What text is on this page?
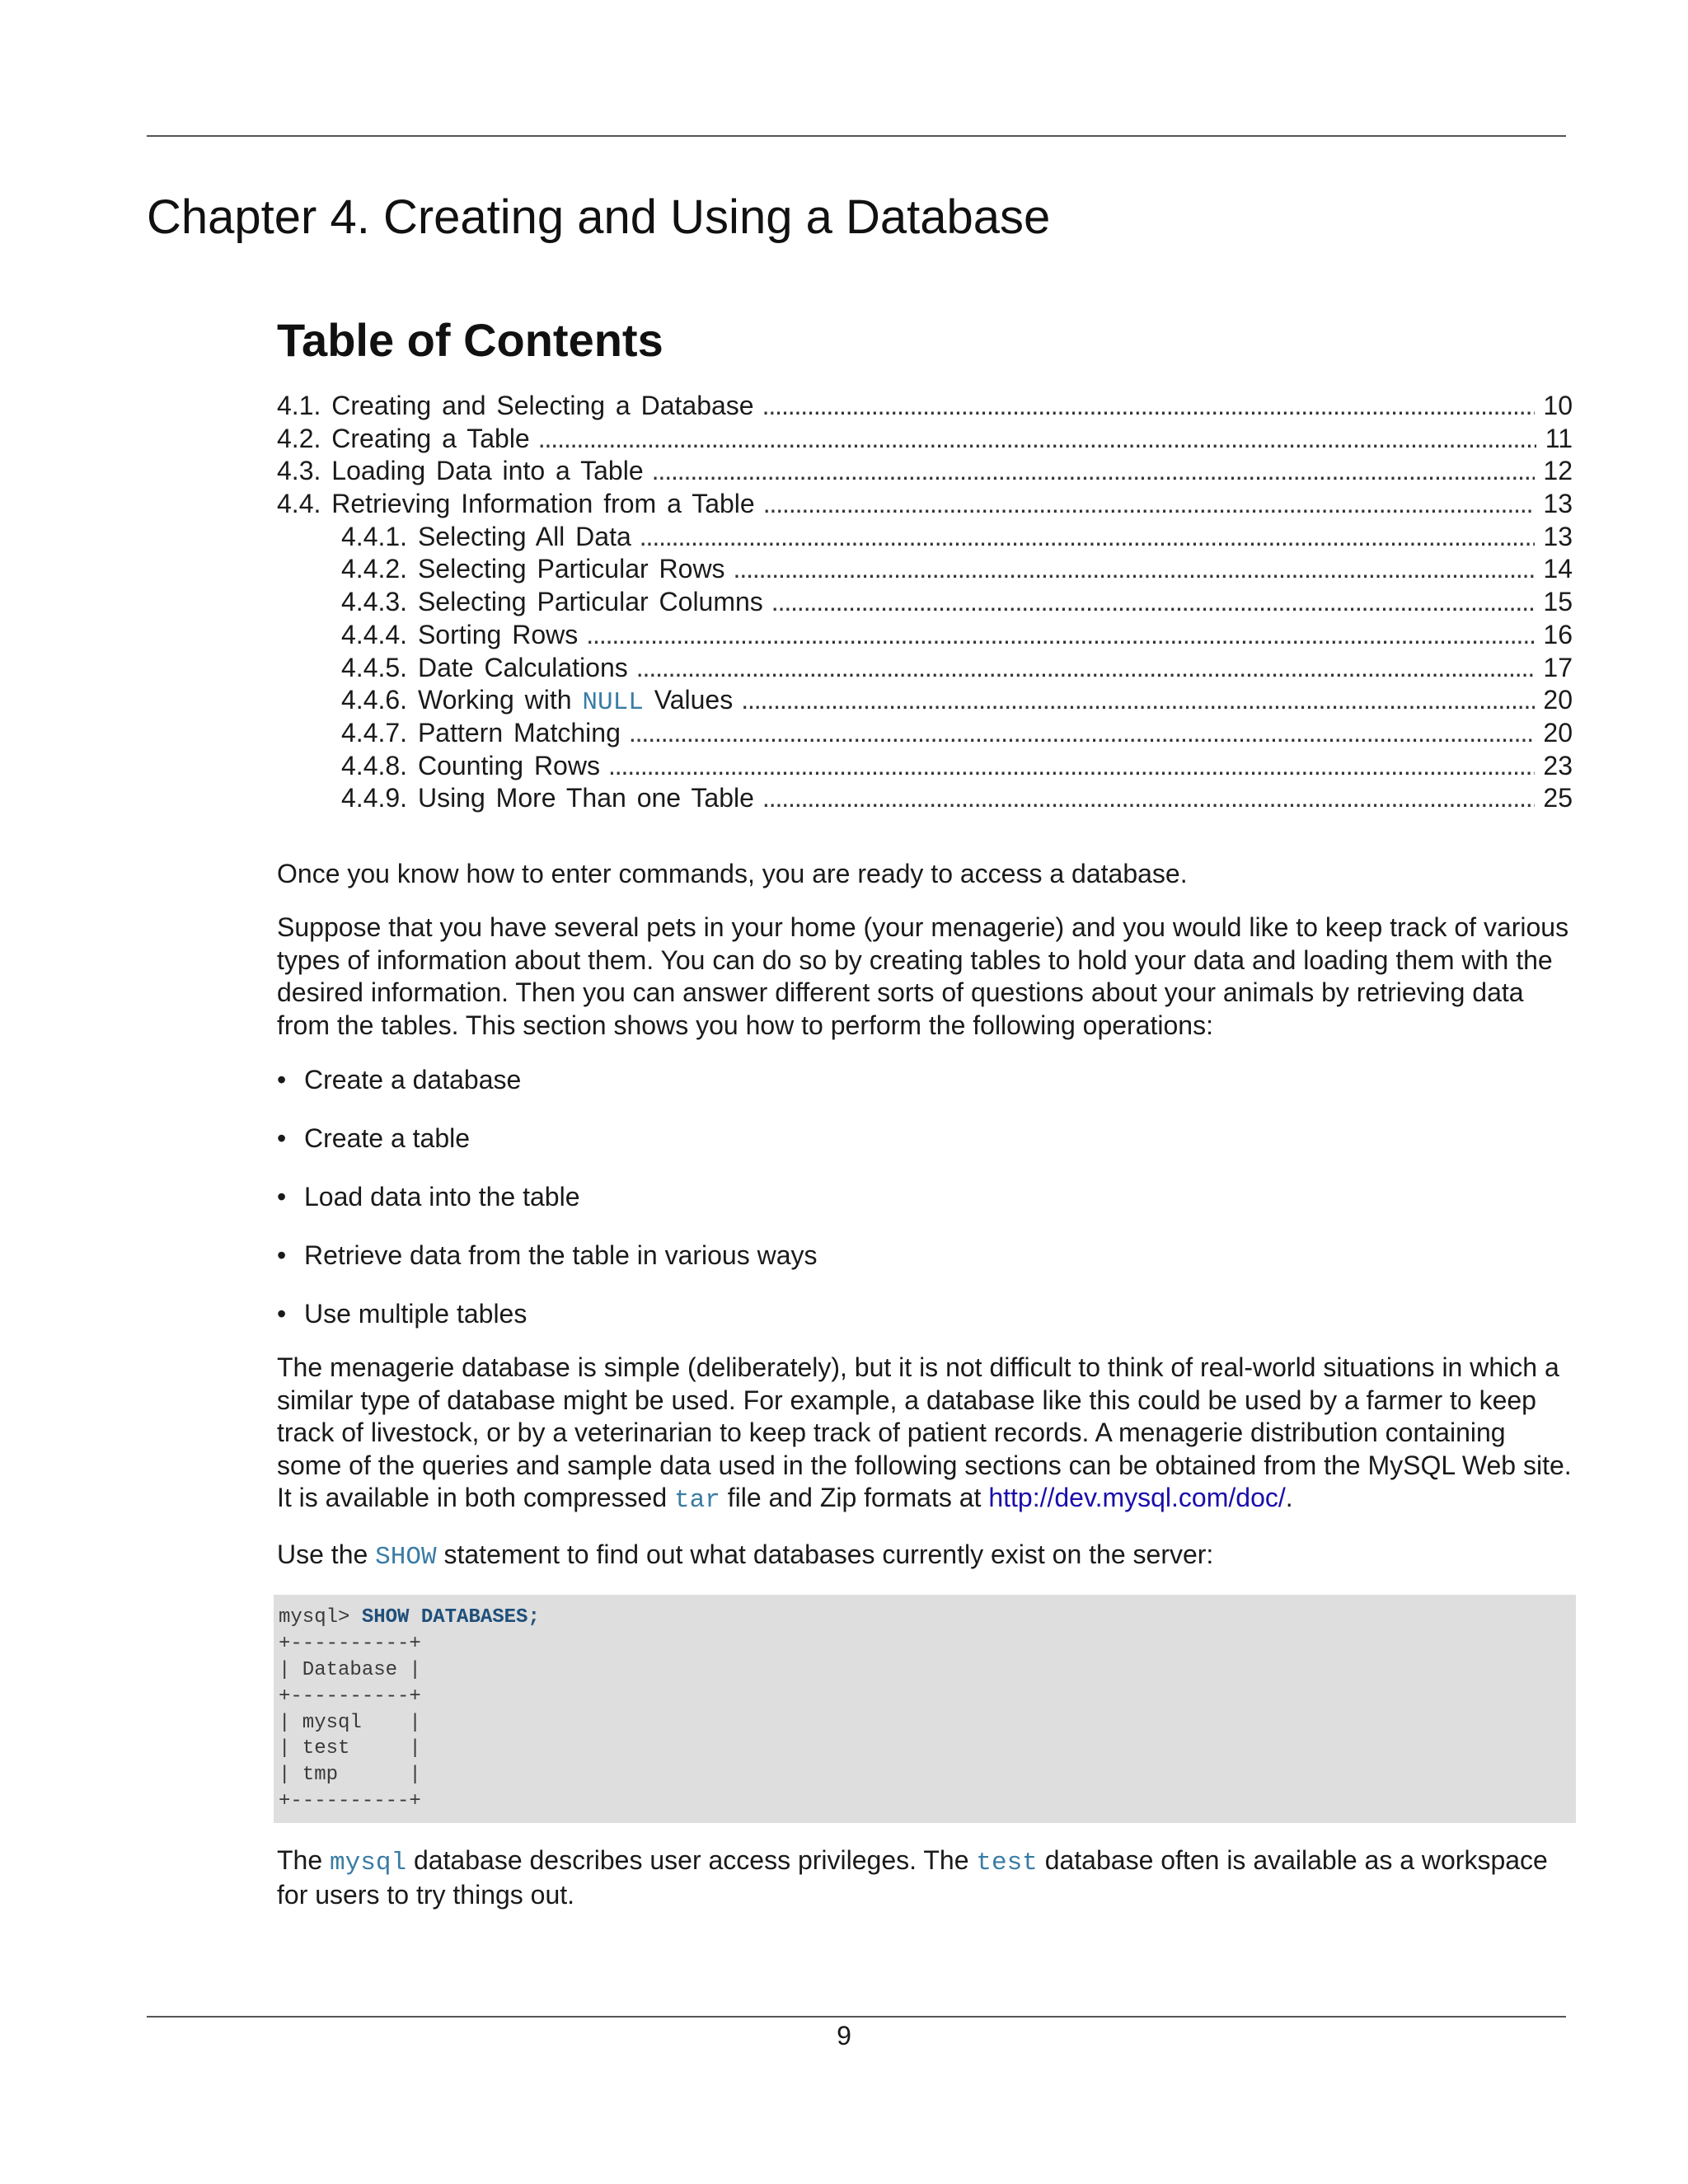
Chapter 4. Creating and Using a Database
Table of Contents
4.1. Creating and Selecting a Database . . .	10
4.2. Creating a Table . . .	11
4.3. Loading Data into a Table . . .	12
4.4. Retrieving Information from a Table . . .	13
4.4.1. Selecting All Data . . .	13
4.4.2. Selecting Particular Rows . . .	14
4.4.3. Selecting Particular Columns . . .	15
4.4.4. Sorting Rows . . .	16
4.4.5. Date Calculations . . .	17
4.4.6. Working with NULL Values . . .	20
4.4.7. Pattern Matching . . .	20
4.4.8. Counting Rows . . .	23
4.4.9. Using More Than one Table . . .	25

Once you know how to enter commands, you are ready to access a database.

Suppose that you have several pets in your home (your menagerie) and you would like to keep track of various types of information about them. You can do so by creating tables to hold your data and loading them with the desired information. Then you can answer different sorts of questions about your animals by retrieving data from the tables. This section shows you how to perform the following operations:

• Create a database
• Create a table
• Load data into the table
• Retrieve data from the table in various ways
• Use multiple tables

The menagerie database is simple (deliberately), but it is not difficult to think of real-world situations in which a similar type of database might be used. For example, a database like this could be used by a farmer to keep track of livestock, or by a veterinarian to keep track of patient records. A menagerie distribution containing some of the queries and sample data used in the following sections can be obtained from the MySQL Web site. It is available in both compressed tar file and Zip formats at http://dev.mysql.com/doc/.

Use the SHOW statement to find out what databases currently exist on the server:

mysql> SHOW DATABASES;
+----------+
| Database |
+----------+
| mysql    |
| test     |
| tmp      |
+----------+

The mysql database describes user access privileges. The test database often is available as a workspace for users to try things out.

9
